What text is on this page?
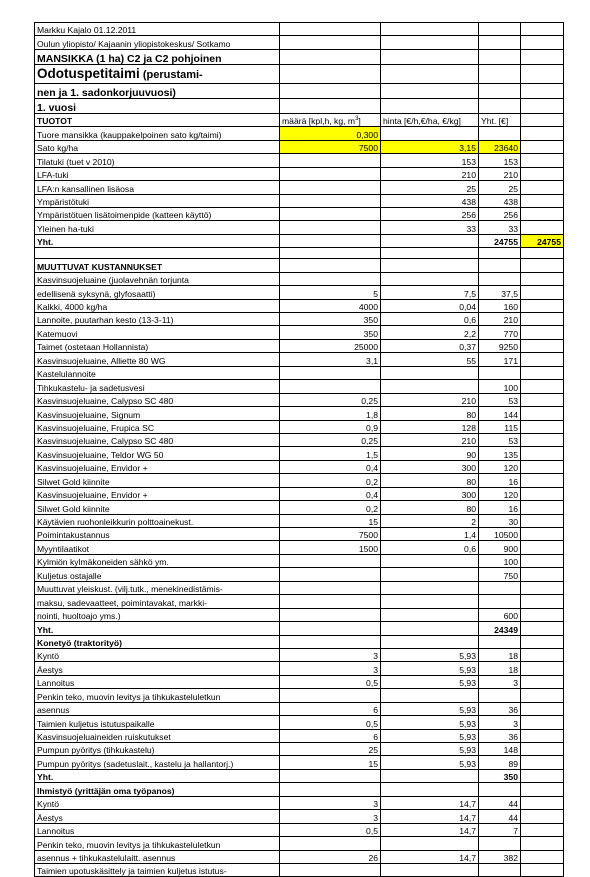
Markku Kajalo 01.12.2011				
Oulun yliopisto/ Kajaanin yliopistokeskus/ Sotkamo				
MANSIKKA (1 ha) C2 ja C2 pohjoinen				
Odotuspetitaimi (perustami-				
nen ja 1. sadonkorjuuvuosi)				
1. vuosi				
TUOTOT	määrä [kpl,h, kg, $m^3$]	hinta [€/h,€/ha, €/kg]	Yht. [€]	
Tuore mansikka (kauppakelpoinen sato kg/taimi)	0,300			
Sato kg/ha	7500	3,15	23640	
Tilatuki (tuet v 2010)		153	153	
LFA-tuki		210	210	
LFA:n kansallinen lisäosa		25	25	
Ympäristötuki		438	438	
Ympäristötuen lisätoimenpide (katteen käyttö)		256	256	
Yleinen ha-tuki		33	33	
Yht.			24755	24755

MUUTTUVAT KUSTANNUKSET				
Kasvinsuojeluaine (juolavehnän torjunta				
edellisenä syksynä, glyfosaatti)	5	7,5	37,5	
Kalkki, 4000 kg/ha	4000	0,04	160	
Lannoite, puutarhan kesto (13-3-11)	350	0,6	210	
Katemuovi	350	2,2	770	
Taimet (ostetaan Hollannista)	25000	0,37	9250	
Kasvinsuojeluaine, Alliette 80 WG	3,1	55	171	
Kastelulannoite				
Tihkukastelu- ja sadetusvesi			100	
Kasvinsuojeluaine, Calypso SC 480	0,25	210	53	
Kasvinsuojeluaine, Signum	1,8	80	144	
Kasvinsuojeluaine, Frupica SC	0,9	128	115	
Kasvinsuojeluaine, Calypso SC 480	0,25	210	53	
Kasvinsuojeluaine, Teldor WG 50	1,5	90	135	
Kasvinsuojeluaine, Envidor +	0,4	300	120	
Silwet Gold kiinnite	0,2	80	16	
Kasvinsuojeluaine, Envidor +	0,4	300	120	
Silwet Gold kiinnite	0,2	80	16	
Käytävien ruohonleikkurin polttoainekust.	15	2	30	
Poimintakustannus	7500	1,4	10500	
Myyntilaatikot	1500	0,6	900	
Kylmiön kylmäkoneiden sähkö ym.			100	
Kuljetus ostajalle			750	
Muuttuvat yleiskust. (vilj.tutk., menekinedistämis-				
maksu, sadevaatteet, poimintavakat, markki-				
nointi, huoltoajo yms.)			600	
Yht.			24349	
Konetyö (traktorityö)				
Kyntö	3	5,93	18	
Äestys	3	5,93	18	
Lannoitus	0,5	5,93	3	
Penkin teko, muovin levitys ja tihkukasteluletkun				
asennus	6	5,93	36	
Taimien kuljetus istutuspaikalle	0,5	5,93	3	
Kasvinsuojeluaineiden ruiskutukset	6	5,93	36	
Pumpun pyöritys (tihkukastelu)	25	5,93	148	
Pumpun pyöritys (sadetuslait., kastelu ja hallantorj.)	15	5,93	89	
Yht.			350	
Ihmistyö (yrittäjän oma työpanos)				
Kyntö	3	14,7	44	
Äestys	3	14,7	44	
Lannoitus	0,5	14,7	7	
Penkin teko, muovin levitys ja tihkukasteluletkun				
asennus + tihkukastelulaitt. asennus	26	14,7	382	
Taimien upotuskäsittely ja taimien kuljetus istutus-				
